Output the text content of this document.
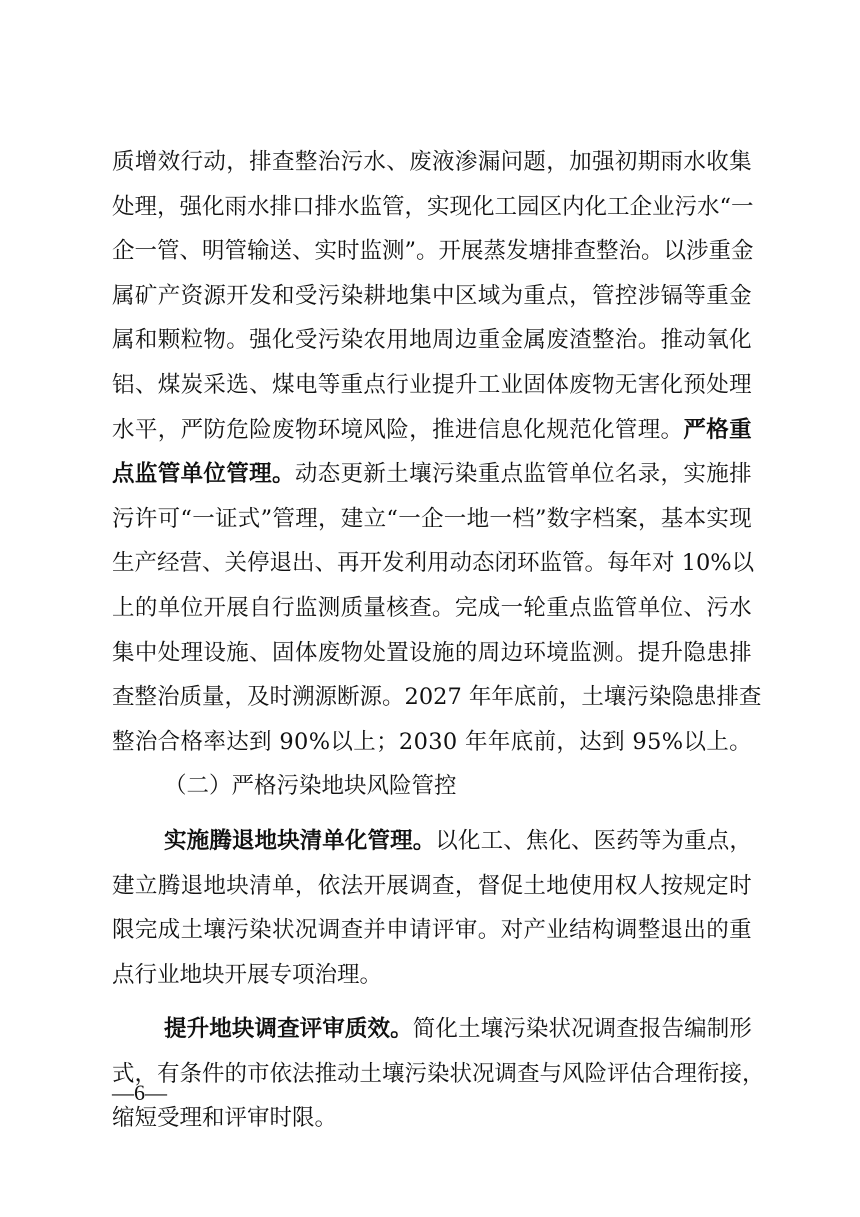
质增效行动，排查整治污水、废液渗漏问题，加强初期雨水收集
处理，强化雨水排口排水监管，实现化工园区内化工企业污水“一
企一管、明管输送、实时监测”。开展蒸发塘排查整治。以涉重金
属矿产资源开发和受污染耕地集中区域为重点，管控涉镉等重金
属和颗粒物。强化受污染农用地周边重金属废渣整治。推动氧化
铝、煤炭采选、煤电等重点行业提升工业固体废物无害化预处理
水平，严防危险废物环境风险，推进信息化规范化管理。严格重
点监管单位管理。动态更新土壤污染重点监管单位名录，实施排
污许可“一证式”管理，建立“一企一地一档”数字档案，基本实现
生产经营、关停退出、再开发利用动态闭环监管。每年对 10%以
上的单位开展自行监测质量核查。完成一轮重点监管单位、污水
集中处理设施、固体废物处置设施的周边环境监测。提升隐患排
查整治质量，及时溯源断源。2027 年年底前，土壤污染隐患排查
整治合格率达到 90%以上；2030 年年底前，达到 95%以上。
（二）严格污染地块风险管控
实施腾退地块清单化管理。以化工、焦化、医药等为重点，
建立腾退地块清单，依法开展调查，督促土地使用权人按规定时
限完成土壤污染状况调查并申请评审。对产业结构调整退出的重
点行业地块开展专项治理。
提升地块调查评审质效。简化土壤污染状况调查报告编制形
式，有条件的市依法推动土壤污染状况调查与风险评估合理衔接，
缩短受理和评审时限。
—6—
